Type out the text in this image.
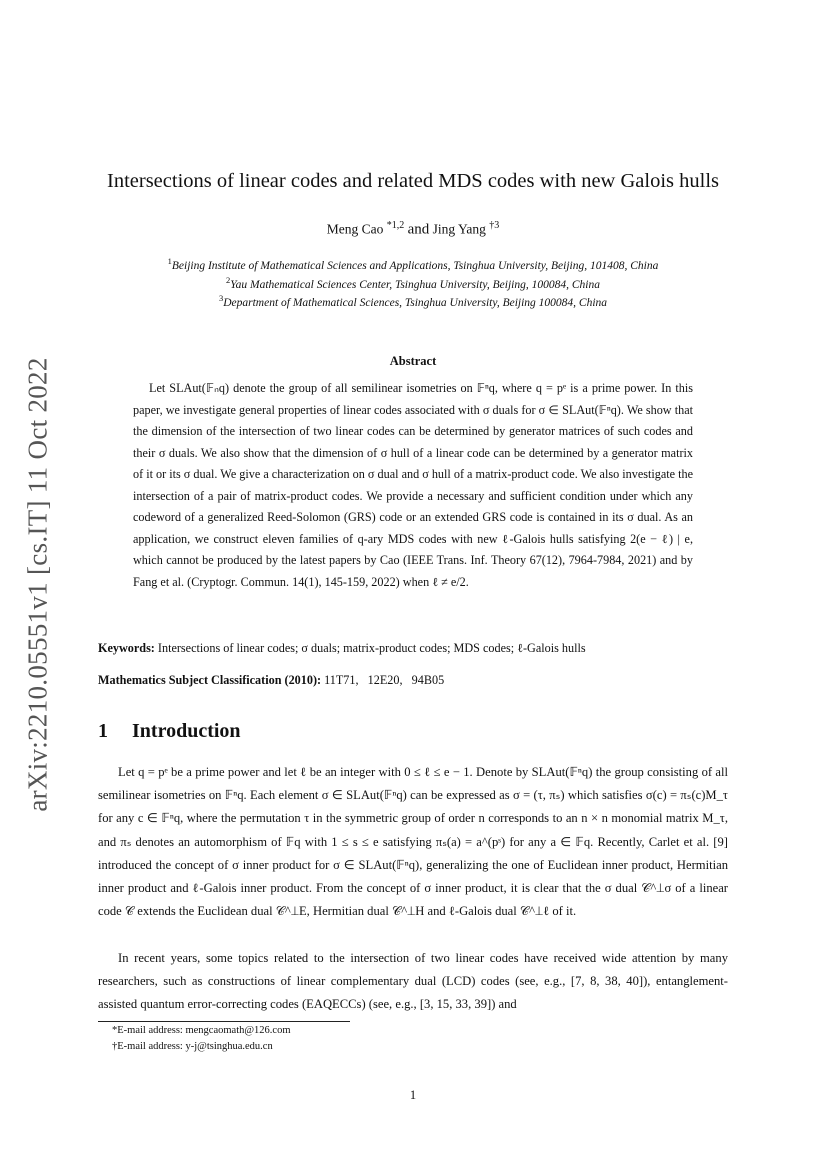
arXiv:2210.05551v1 [cs.IT] 11 Oct 2022
Intersections of linear codes and related MDS codes with new Galois hulls
Meng Cao $^{*1,2}$ and Jing Yang $^{\dagger 3}$
$^1$Beijing Institute of Mathematical Sciences and Applications, Tsinghua University, Beijing, 101408, China
$^2$Yau Mathematical Sciences Center, Tsinghua University, Beijing, 100084, China
$^3$Department of Mathematical Sciences, Tsinghua University, Beijing 100084, China
Abstract
Let SLAut(𝔽ₙq) denote the group of all semilinear isometries on 𝔽ⁿq, where q = pᵉ is a prime power. In this paper, we investigate general properties of linear codes associated with σ duals for σ ∈ SLAut(𝔽ⁿq). We show that the dimension of the intersection of two linear codes can be determined by generator matrices of such codes and their σ duals. We also show that the dimension of σ hull of a linear code can be determined by a generator matrix of it or its σ dual. We give a characterization on σ dual and σ hull of a matrix-product code. We also investigate the intersection of a pair of matrix-product codes. We provide a necessary and sufficient condition under which any codeword of a generalized Reed-Solomon (GRS) code or an extended GRS code is contained in its σ dual. As an application, we construct eleven families of q-ary MDS codes with new ℓ-Galois hulls satisfying 2(e − ℓ) | e, which cannot be produced by the latest papers by Cao (IEEE Trans. Inf. Theory 67(12), 7964-7984, 2021) and by Fang et al. (Cryptogr. Commun. 14(1), 145-159, 2022) when ℓ ≠ e/2.
Keywords: Intersections of linear codes; σ duals; matrix-product codes; MDS codes; ℓ-Galois hulls
Mathematics Subject Classification (2010): 11T71,   12E20,   94B05
1 Introduction
Let q = pᵉ be a prime power and let ℓ be an integer with 0 ≤ ℓ ≤ e − 1. Denote by SLAut(𝔽ⁿq) the group consisting of all semilinear isometries on 𝔽ⁿq. Each element σ ∈ SLAut(𝔽ⁿq) can be expressed as σ = (τ, πₛ) which satisfies σ(c) = πₛ(c)M_τ for any c ∈ 𝔽ⁿq, where the permutation τ in the symmetric group of order n corresponds to an n × n monomial matrix M_τ, and πₛ denotes an automorphism of 𝔽q with 1 ≤ s ≤ e satisfying πₛ(a) = a^(pˢ) for any a ∈ 𝔽q. Recently, Carlet et al. [9] introduced the concept of σ inner product for σ ∈ SLAut(𝔽ⁿq), generalizing the one of Euclidean inner product, Hermitian inner product and ℓ-Galois inner product. From the concept of σ inner product, it is clear that the σ dual 𝒞^⊥σ of a linear code 𝒞 extends the Euclidean dual 𝒞^⊥E, Hermitian dual 𝒞^⊥H and ℓ-Galois dual 𝒞^⊥ℓ of it.
In recent years, some topics related to the intersection of two linear codes have received wide attention by many researchers, such as constructions of linear complementary dual (LCD) codes (see, e.g., [7, 8, 38, 40]), entanglement-assisted quantum error-correcting codes (EAQECCs) (see, e.g., [3, 15, 33, 39]) and
*E-mail address: mengcaomath@126.com
†E-mail address: y-j@tsinghua.edu.cn
1
